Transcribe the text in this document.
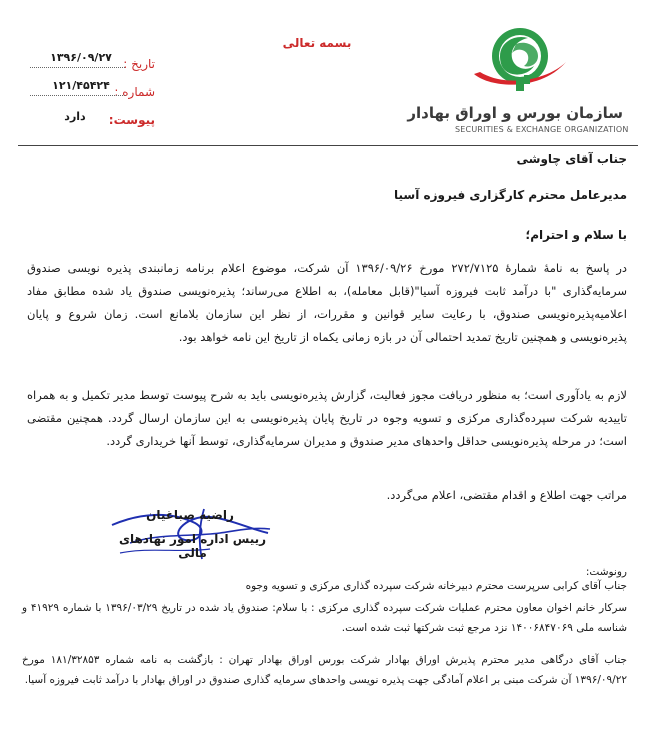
سازمان بورس و اوراق بهادار
SECURITIES & EXCHANGE ORGANIZATION
بسمه تعالی
تاریخ :
۱۳۹۶/۰۹/۲۷
شماره :
۱۲۱/۴۵۴۲۴
پیوست:
دارد
جناب آقای چاوشی
مدیرعامل محترم کارگزاری فیروزه آسیا
با سلام و احترام؛
در پاسخ به نامهٔ شمارهٔ ۲۷۲/۷۱۲۵ مورخ ۱۳۹۶/۰۹/۲۶ آن شرکت، موضوع اعلام برنامه زمانبندی پذیره نویسی صندوق سرمایه‌گذاری "با درآمد ثابت فیروزه آسیا"(قابل معامله)، به اطلاع می‌رساند؛ پذیره‌نویسی صندوق یاد شده مطابق مفاد اعلامیه‌پذیره‌نویسی صندوق، با رعایت سایر قوانین و مقررات، از نظر این سازمان بلامانع است. زمان شروع و پایان پذیره‌نویسی و همچنین تاریخ تمدید احتمالی آن در بازه زمانی یکماه از تاریخ این نامه خواهد بود.
لازم به یادآوری است؛ به منظور دریافت مجوز فعالیت، گزارش پذیره‌نویسی باید به شرح پیوست توسط مدیر تکمیل و به همراه تاییدیه شرکت سپرده‌گذاری مرکزی و تسویه وجوه در تاریخ پایان پذیره‌نویسی به این سازمان ارسال گردد. همچنین مقتضی است؛ در مرحله پذیره‌نویسی حداقل واحدهای مدیر صندوق و مدیران سرمایه‌گذاری، توسط آنها خریداری گردد.
مراتب جهت اطلاع و اقدام مقتضی، اعلام می‌گردد.
راضیه صباغیان
رییس اداره امور نهادهای مالی
رونوشت:
جناب آقای کرابی سرپرست محترم دبیرخانه شرکت سپرده گذاری مرکزی و تسویه وجوه
سرکار خانم اخوان معاون محترم عملیات شرکت سپرده گذاری مرکزی : با سلام: صندوق یاد شده در تاریخ ۱۳۹۶/۰۳/۲۹ با شماره ۴۱۹۲۹ و شناسه ملی ۱۴۰۰۶۸۴۷۰۶۹ نزد مرجع ثبت شرکتها ثبت شده است.
جناب آقای درگاهی مدیر محترم پذیرش اوراق بهادار شرکت بورس اوراق بهادار تهران : بازگشت به نامه شماره ۱۸۱/۳۲۸۵۳ مورخ ۱۳۹۶/۰۹/۲۲ آن شرکت مبنی بر اعلام آمادگی جهت پذیره نویسی واحدهای سرمایه گذاری صندوق در اوراق بهادار با درآمد ثابت فیروزه آسیا.
